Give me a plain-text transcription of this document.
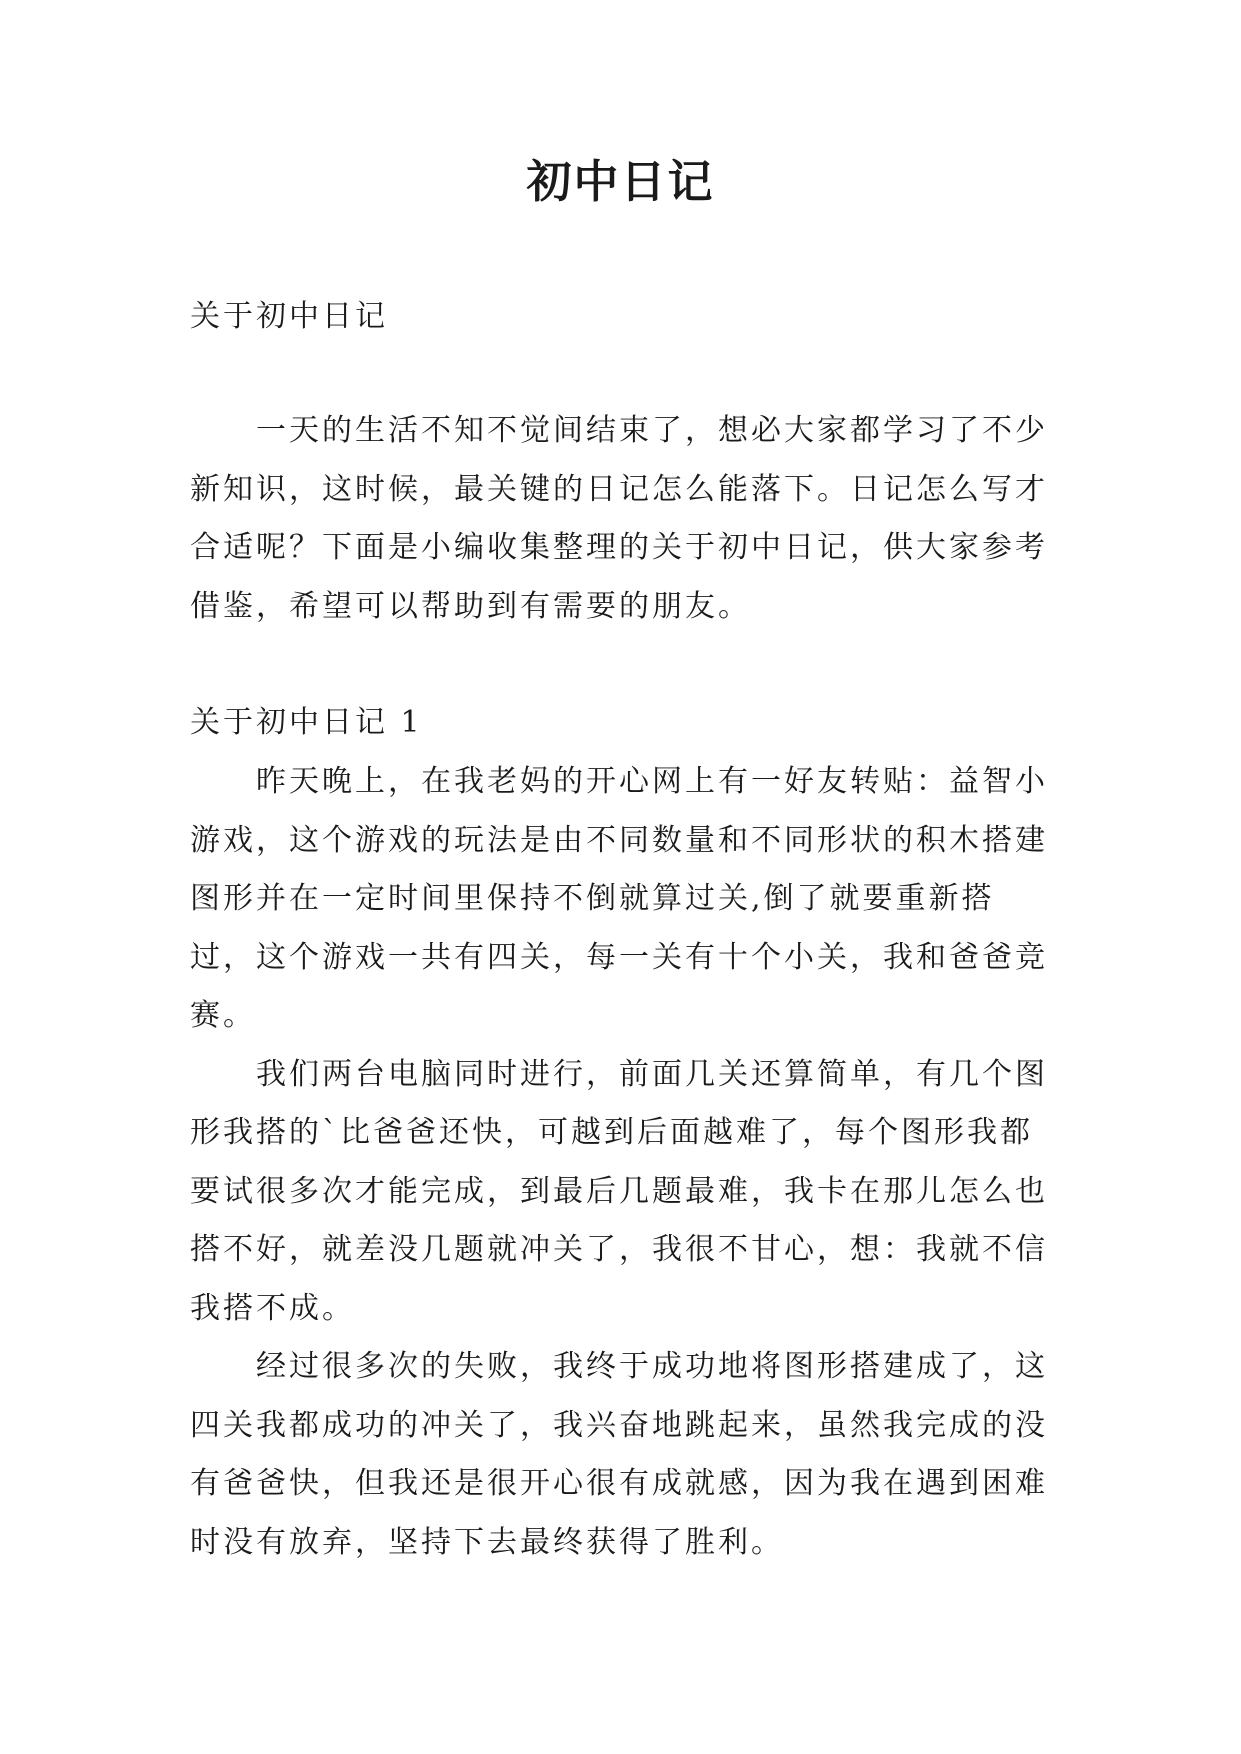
初中日记

关于初中日记

一天的生活不知不觉间结束了，想必大家都学习了不少新知识，这时候，最关键的日记怎么能落下。日记怎么写才合适呢？下面是小编收集整理的关于初中日记，供大家参考借鉴，希望可以帮助到有需要的朋友。

关于初中日记 1

昨天晚上，在我老妈的开心网上有一好友转贴：益智小游戏，这个游戏的玩法是由不同数量和不同形状的积木搭建图形并在一定时间里保持不倒就算过关,倒了就要重新搭过，这个游戏一共有四关，每一关有十个小关，我和爸爸竞赛。

我们两台电脑同时进行，前面几关还算简单，有几个图形我搭的`比爸爸还快，可越到后面越难了，每个图形我都要试很多次才能完成，到最后几题最难，我卡在那儿怎么也搭不好，就差没几题就冲关了，我很不甘心，想：我就不信我搭不成。

经过很多次的失败，我终于成功地将图形搭建成了，这四关我都成功的冲关了，我兴奋地跳起来，虽然我完成的没有爸爸快，但我还是很开心很有成就感，因为我在遇到困难时没有放弃，坚持下去最终获得了胜利。
